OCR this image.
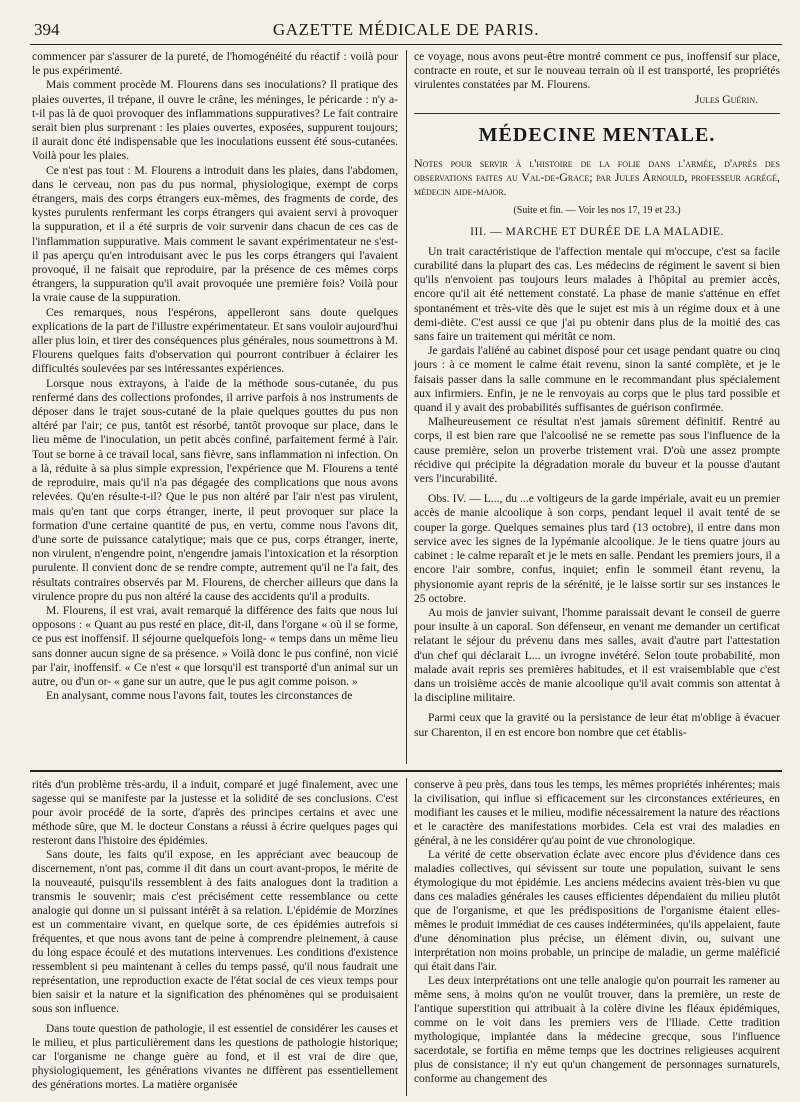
394	GAZETTE MÉDICALE DE PARIS.

commencer par s'assurer de la pureté, de l'homogénéité du réactif : voilà pour le pus expérimenté.

Mais comment procède M. Flourens dans ses inoculations? Il pratique des plaies ouvertes, il trépane, il ouvre le crâne, les méninges, le péricarde : n'y a-t-il pas là de quoi provoquer des inflammations suppuratives? Le fait contraire serait bien plus surprenant : les plaies ouvertes, exposées, suppurent toujours; il aurait donc été indispensable que les inoculations eussent été sous-cutanées. Voilà pour les plaies.

Ce n'est pas tout : M. Flourens a introduit dans les plaies, dans l'abdomen, dans le cerveau, non pas du pus normal, physiologique, exempt de corps étrangers, mais des corps étrangers eux-mêmes, des fragments de corde, des kystes purulents renfermant les corps étrangers qui avaient servi à provoquer la suppuration, et il a été surpris de voir survenir dans chacun de ces cas de l'inflammation suppurative. Mais comment le savant expérimentateur ne s'est-il pas aperçu qu'en introduisant avec le pus les corps étrangers qui l'avaient provoqué, il ne faisait que reproduire, par la présence de ces mêmes corps étrangers, la suppuration qu'il avait provoquée une première fois? Voilà pour la vraie cause de la suppuration.

Ces remarques, nous l'espérons, appelleront sans doute quelques explications de la part de l'illustre expérimentateur. Et sans vouloir aujourd'hui aller plus loin, et tirer des conséquences plus générales, nous soumettrons à M. Flourens quelques faits d'observation qui pourront contribuer à éclairer les difficultés soulevées par ses intéressantes expériences.

Lorsque nous extrayons, à l'aide de la méthode sous-cutanée, du pus renfermé dans des collections profondes, il arrive parfois à nos instruments de déposer dans le trajet sous-cutané de la plaie quelques gouttes du pus non altéré par l'air; ce pus, tantôt est résorbé, tantôt provoque sur place, dans le lieu même de l'inoculation, un petit abcès confiné, parfaitement fermé à l'air. Tout se borne à ce travail local, sans fièvre, sans inflammation ni infection. On a là, réduite à sa plus simple expression, l'expérience que M. Flourens a tenté de reproduire, mais qu'il n'a pas dégagée des complications que nous avons relevées. Qu'en résulte-t-il? Que le pus non altéré par l'air n'est pas virulent, mais qu'en tant que corps étranger, inerte, il peut provoquer sur place la formation d'une certaine quantité de pus, en vertu, comme nous l'avons dit, d'une sorte de puissance catalytique; mais que ce pus, corps étranger, inerte, non virulent, n'engendre point, n'engendre jamais l'intoxication et la résorption purulente. Il convient donc de se rendre compte, autrement qu'il ne l'a fait, des résultats contraires observés par M. Flourens, de chercher ailleurs que dans la virulence propre du pus non altéré la cause des accidents qu'il a produits.

M. Flourens, il est vrai, avait remarqué la différence des faits que nous lui opposons : « Quant au pus resté en place, dit-il, dans l'organe « où il se forme, ce pus est inoffensif. Il séjourne quelquefois long- « temps dans un même lieu sans donner aucun signe de sa présence. » Voilà donc le pus confiné, non vicié par l'air, inoffensif. « Ce n'est « que lorsqu'il est transporté d'un animal sur un autre, ou d'un or- « gane sur un autre, que le pus agit comme poison. »

En analysant, comme nous l'avons fait, toutes les circonstances de

ce voyage, nous avons peut-être montré comment ce pus, inoffensif sur place, contracte en route, et sur le nouveau terrain où il est transporté, les propriétés virulentes constatées par M. Flourens.

Jules Guérin.

MÉDECINE MENTALE.

Notes pour servir à l'histoire de la folie dans l'armée, d'après des observations faites au Val-de-Grace; par Jules Arnould, professeur agrégé, médecin aide-major.

(Suite et fin. — Voir les nos 17, 19 et 23.)
III. — MARCHE ET DURÉE DE LA MALADIE.

Un trait caractéristique de l'affection mentale qui m'occupe, c'est sa facile curabilité dans la plupart des cas. Les médecins de régiment le savent si bien qu'ils n'envoient pas toujours leurs malades à l'hôpital au premier accès, encore qu'il ait été nettement constaté. La phase de manie s'atténue en effet spontanément et très-vite dès que le sujet est mis à un régime doux et à une demi-diète. C'est aussi ce que j'ai pu obtenir dans plus de la moitié des cas sans faire un traitement qui méritât ce nom.

Je gardais l'aliéné au cabinet disposé pour cet usage pendant quatre ou cinq jours : à ce moment le calme était revenu, sinon la santé complète, et je le faisais passer dans la salle commune en le recommandant plus spécialement aux infirmiers. Enfin, je ne le renvoyais au corps que le plus tard possible et quand il y avait des probabilités suffisantes de guérison confirmée.

Malheureusement ce résultat n'est jamais sûrement définitif. Rentré au corps, il est bien rare que l'alcoolisé ne se remette pas sous l'influence de la cause première, selon un proverbe tristement vrai. D'où une assez prompte récidive qui précipite la dégradation morale du buveur et la pousse d'autant vers l'incurabilité.

Obs. IV. — L..., du ...e voltigeurs de la garde impériale, avait eu un premier accès de manie alcoolique à son corps, pendant lequel il avait tenté de se couper la gorge. Quelques semaines plus tard (13 octobre), il entre dans mon service avec les signes de la lypémanie alcoolique. Je le tiens quatre jours au cabinet : le calme reparaît et je le mets en salle. Pendant les premiers jours, il a encore l'air sombre, confus, inquiet; enfin le sommeil étant revenu, la physionomie ayant repris de la sérénité, je le laisse sortir sur ses instances le 25 octobre.

Au mois de janvier suivant, l'homme paraissait devant le conseil de guerre pour insulte à un caporal. Son défenseur, en venant me demander un certificat relatant le séjour du prévenu dans mes salles, avait d'autre part l'attestation d'un chef qui déclarait L... un ivrogne invétéré. Selon toute probabilité, mon malade avait repris ses premières habitudes, et il est vraisemblable que c'est dans un troisième accès de manie alcoolique qu'il avait commis son attentat à la discipline militaire.

Parmi ceux que la gravité ou la persistance de leur état m'oblige à évacuer sur Charenton, il en est encore bon nombre que cet établis-

rités d'un problème très-ardu, il a induit, comparé et jugé finalement, avec une sagesse qui se manifeste par la justesse et la solidité de ses conclusions. C'est pour avoir procédé de la sorte, d'après des principes certains et avec une méthode sûre, que M. le docteur Constans a réussi à écrire quelques pages qui resteront dans l'histoire des épidémies.

Sans doute, les faits qu'il expose, en les appréciant avec beaucoup de discernement, n'ont pas, comme il dit dans un court avant-propos, le mérite de la nouveauté, puisqu'ils ressemblent à des faits analogues dont la tradition a transmis le souvenir; mais c'est précisément cette ressemblance ou cette analogie qui donne un si puissant intérêt à sa relation. L'épidémie de Morzines est un commentaire vivant, en quelque sorte, de ces épidémies autrefois si fréquentes, et que nous avons tant de peine à comprendre pleinement, à cause du long espace écoulé et des mutations intervenues. Les conditions d'existence ressemblent si peu maintenant à celles du temps passé, qu'il nous faudrait une représentation, une reproduction exacte de l'état social de ces vieux temps pour bien saisir et la nature et la signification des phénomènes qui se produisaient sous son influence.

Dans toute question de pathologie, il est essentiel de considérer les causes et le milieu, et plus particulièrement dans les questions de pathologie historique; car l'organisme ne change guère au fond, et il est vrai de dire que, physiologiquement, les générations vivantes ne diffèrent pas essentiellement des générations mortes. La matière organisée

conserve à peu près, dans tous les temps, les mêmes propriétés inhérentes; mais la civilisation, qui influe si efficacement sur les circonstances extérieures, en modifiant les causes et le milieu, modifie nécessairement la nature des réactions et le caractère des manifestations morbides. Cela est vrai des maladies en général, à ne les considérer qu'au point de vue chronologique.

La vérité de cette observation éclate avec encore plus d'évidence dans ces maladies collectives, qui sévissent sur toute une population, suivant le sens étymologique du mot épidémie. Les anciens médecins avaient très-bien vu que dans ces maladies générales les causes efficientes dépendaient du milieu plutôt que de l'organisme, et que les prédispositions de l'organisme étaient elles-mêmes le produit immédiat de ces causes indéterminées, qu'ils appelaient, faute d'une dénomination plus précise, un élément divin, ou, suivant une interprétation non moins probable, un principe de maladie, un germe maléficié qui était dans l'air.

Les deux interprétations ont une telle analogie qu'on pourrait les ramener au même sens, à moins qu'on ne voulût trouver, dans la première, un reste de l'antique superstition qui attribuait à la colère divine les fléaux épidémiques, comme on le voit dans les premiers vers de l'Iliade. Cette tradition mythologique, implantée dans la médecine grecque, sous l'influence sacerdotale, se fortifia en même temps que les doctrines religieuses acquirent plus de consistance; il n'y eut qu'un changement de personnages surnaturels, conforme au changement des
